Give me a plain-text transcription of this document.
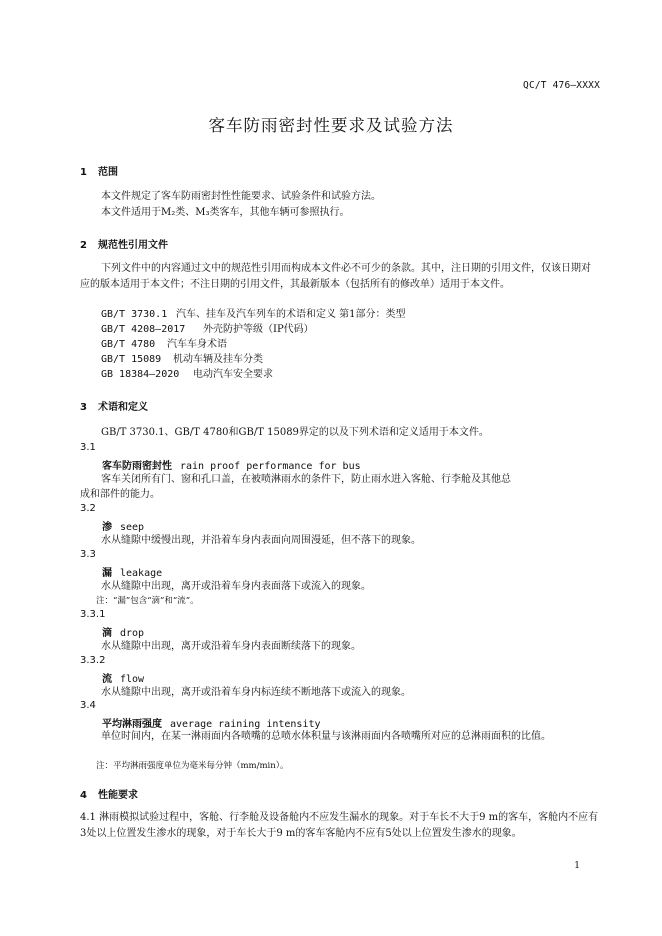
QC/T 476—XXXX
客车防雨密封性要求及试验方法
1 范围
本文件规定了客车防雨密封性性能要求、试验条件和试验方法。
本文件适用于M₂类、M₃类客车，其他车辆可参照执行。
2 规范性引用文件
下列文件中的内容通过文中的规范性引用而构成本文件必不可少的条款。其中，注日期的引用文件，仅该日期对应的版本适用于本文件；不注日期的引用文件，其最新版本（包括所有的修改单）适用于本文件。
GB/T 3730.1 汽车、挂车及汽车列车的术语和定义 第1部分：类型
GB/T 4208—2017 外壳防护等级（IP代码）
GB/T 4780 汽车车身术语
GB/T 15089 机动车辆及挂车分类
GB 18384—2020 电动汽车安全要求
3 术语和定义
GB/T 3730.1、GB/T 4780和GB/T 15089界定的以及下列术语和定义适用于本文件。
3.1
客车防雨密封性 rain proof performance for bus
客车关闭所有门、窗和孔口盖，在被喷淋雨水的条件下，防止雨水进入客舱、行李舱及其他总
成和部件的能力。
3.2
渗 seep
水从缝隙中缓慢出现，并沿着车身内表面向周围漫延，但不落下的现象。
3.3
漏 leakage
水从缝隙中出现，离开或沿着车身内表面落下或流入的现象。
注：“漏”包含“滴”和“流”。
3.3.1
滴 drop
水从缝隙中出现，离开或沿着车身内表面断续落下的现象。
3.3.2
流 flow
水从缝隙中出现，离开或沿着车身内标连续不断地落下或流入的现象。
3.4
平均淋雨强度 average raining intensity
单位时间内，在某一淋雨面内各喷嘴的总喷水体积量与该淋雨面内各喷嘴所对应的总淋雨面积的比值。
注：平均淋雨强度单位为毫米每分钟（mm/min）。
4 性能要求
4.1 淋雨模拟试验过程中，客舱、行李舱及设备舱内不应发生漏水的现象。对于车长不大于9 m的客车，客舱内不应有3处以上位置发生渗水的现象，对于车长大于9 m的客车客舱内不应有5处以上位置发生渗水的现象。
1
